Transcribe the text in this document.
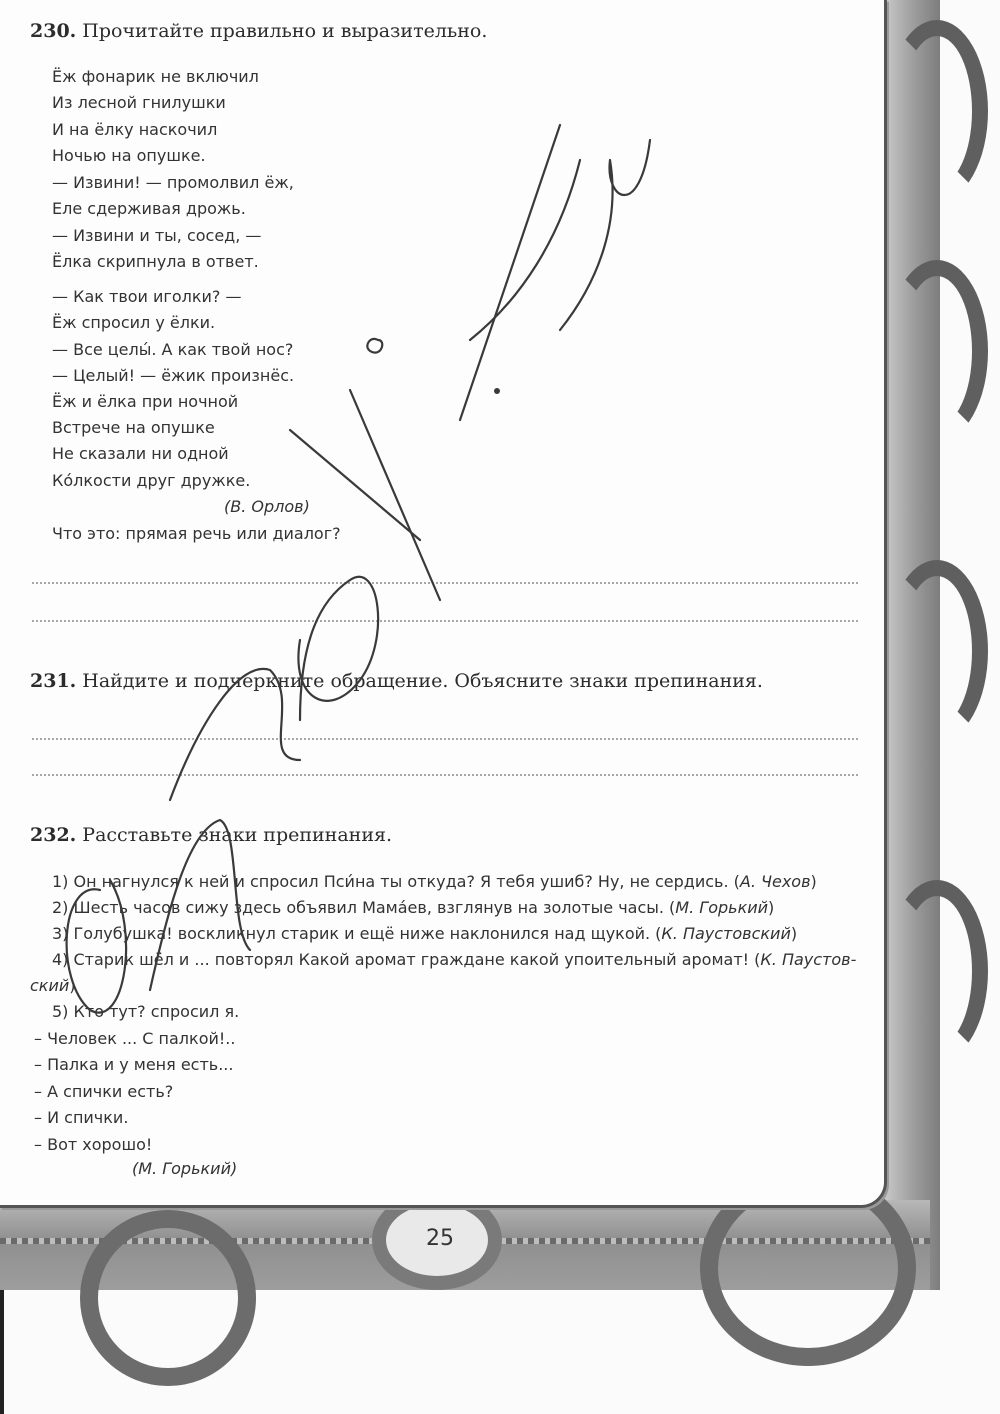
230. Прочитайте правильно и выразительно.
Ёж фонарик не включил
Из лесной гнилушки
И на ёлку наскочил
Ночью на опушке.
— Извини! — промолвил ёж,
Еле сдерживая дрожь.
— Извини и ты, сосед, —
Ёлка скрипнула в ответ.
— Как твои иголки? —
Ёж спросил у ёлки.
— Все целы́. А как твой нос?
— Целый! — ёжик произнёс.
Ёж и ёлка при ночной
Встрече на опушке
Не сказали ни одной
Ко́лкости друг дружке.
(В. Орлов)
Что это: прямая речь или диалог?
231. Найдите и подчеркните обращение. Объясните знаки препинания.
232. Расставьте знаки препинания.
1) Он нагнулся к ней и спросил Пси́на ты откуда? Я тебя ушиб? Ну, не сердись. (А. Чехов)
2) Шесть часов сижу здесь объявил Мама́ев, взглянув на золотые часы. (М. Горький)
3) Голубушка! воскликнул старик и ещё ниже наклонился над щукой. (К. Паустовский)
4) Старик шёл и ... повторял Какой аромат граждане какой упоительный аромат! (К. Паустов-
ский)
5) Кто тут? спросил я.
– Человек ... С палкой!..
– Палка и у меня есть...
– А спички есть?
– И спички.
– Вот хорошо!
(М. Горький)
25
